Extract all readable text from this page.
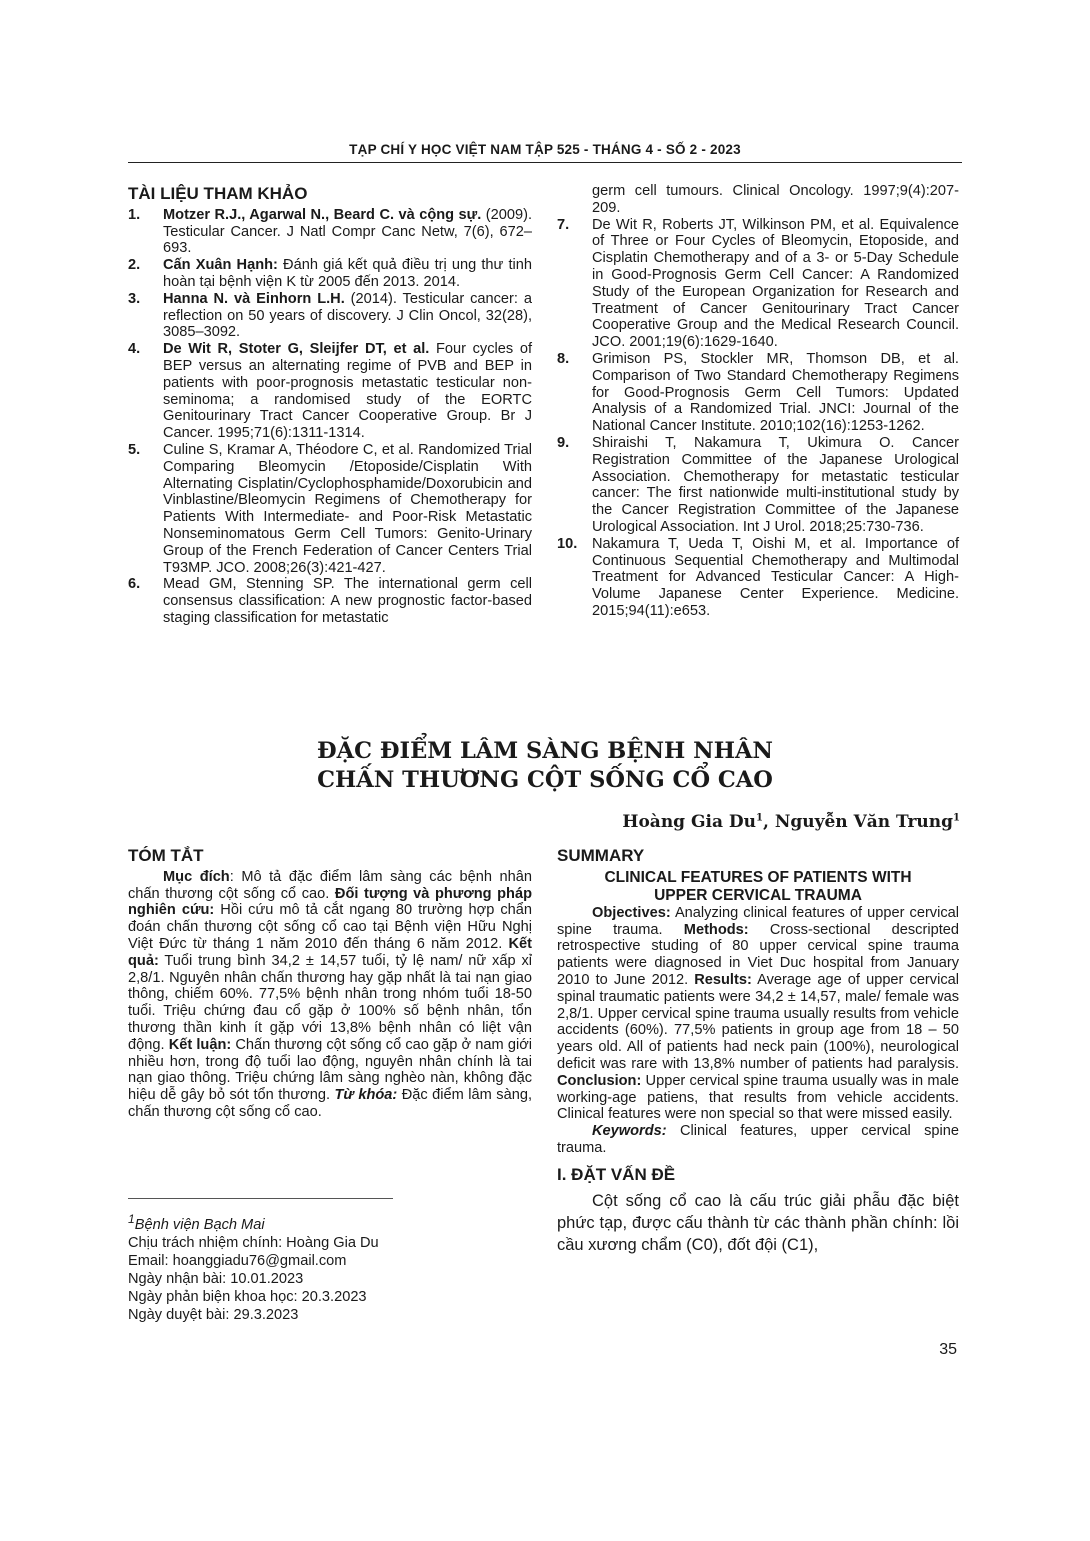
TẠP CHÍ Y HỌC VIỆT NAM TẬP 525 - THÁNG 4 - SỐ 2 - 2023
TÀI LIỆU THAM KHẢO
1.	Motzer R.J., Agarwal N., Beard C. và cộng sự. (2009). Testicular Cancer. J Natl Compr Canc Netw, 7(6), 672–693.
2.	Cấn Xuân Hạnh: Đánh giá kết quả điều trị ung thư tinh hoàn tại bệnh viện K từ 2005 đến 2013. 2014.
3.	Hanna N. và Einhorn L.H. (2014). Testicular cancer: a reflection on 50 years of discovery. J Clin Oncol, 32(28), 3085–3092.
4.	De Wit R, Stoter G, Sleijfer DT, et al. Four cycles of BEP versus an alternating regime of PVB and BEP in patients with poor-prognosis metastatic testicular non-seminoma; a randomised study of the EORTC Genitourinary Tract Cancer Cooperative Group. Br J Cancer. 1995;71(6):1311-1314.
5.	Culine S, Kramar A, Théodore C, et al. Randomized Trial Comparing Bleomycin /Etoposide/Cisplatin With Alternating Cisplatin/Cyclophosphamide/Doxorubicin and Vinblastine/Bleomycin Regimens of Chemotherapy for Patients With Intermediate- and Poor-Risk Metastatic Nonseminomatous Germ Cell Tumors: Genito-Urinary Group of the French Federation of Cancer Centers Trial T93MP. JCO. 2008;26(3):421-427.
6.	Mead GM, Stenning SP. The international germ cell consensus classification: A new prognostic factor-based staging classification for metastatic
germ cell tumours. Clinical Oncology. 1997;9(4):207-209.
7.	De Wit R, Roberts JT, Wilkinson PM, et al. Equivalence of Three or Four Cycles of Bleomycin, Etoposide, and Cisplatin Chemotherapy and of a 3- or 5-Day Schedule in Good-Prognosis Germ Cell Cancer: A Randomized Study of the European Organization for Research and Treatment of Cancer Genitourinary Tract Cancer Cooperative Group and the Medical Research Council. JCO. 2001;19(6):1629-1640.
8.	Grimison PS, Stockler MR, Thomson DB, et al. Comparison of Two Standard Chemotherapy Regimens for Good-Prognosis Germ Cell Tumors: Updated Analysis of a Randomized Trial. JNCI: Journal of the National Cancer Institute. 2010;102(16):1253-1262.
9.	Shiraishi T, Nakamura T, Ukimura O. Cancer Registration Committee of the Japanese Urological Association. Chemotherapy for metastatic testicular cancer: The first nationwide multi-institutional study by the Cancer Registration Committee of the Japanese Urological Association. Int J Urol. 2018;25:730-736.
10.	Nakamura T, Ueda T, Oishi M, et al. Importance of Continuous Sequential Chemotherapy and Multimodal Treatment for Advanced Testicular Cancer: A High-Volume Japanese Center Experience. Medicine. 2015;94(11):e653.
ĐẶC ĐIỂM LÂM SÀNG BỆNH NHÂN
CHẤN THƯƠNG CỘT SỐNG CỔ CAO
Hoàng Gia Du$^1$, Nguyễn Văn Trung$^1$
TÓM TẮT

Mục đích: Mô tả đặc điểm lâm sàng các bệnh nhân chấn thương cột sống cổ cao. Đối tượng và phương pháp nghiên cứu: Hồi cứu mô tả cắt ngang 80 trường hợp chẩn đoán chấn thương cột sống cổ cao tại Bệnh viện Hữu Nghị Việt Đức từ tháng 1 năm 2010 đến tháng 6 năm 2012. Kết quả: Tuổi trung bình 34,2 ± 14,57 tuổi, tỷ lệ nam/ nữ xấp xỉ 2,8/1. Nguyên nhân chấn thương hay gặp nhất là tai nạn giao thông, chiếm 60%. 77,5% bệnh nhân trong nhóm tuổi 18-50 tuổi. Triệu chứng đau cổ gặp ở 100% số bệnh nhân, tổn thương thần kinh ít gặp với 13,8% bệnh nhân có liệt vận động. Kết luận: Chấn thương cột sống cổ cao gặp ở nam giới nhiều hơn, trong độ tuổi lao động, nguyên nhân chính là tai nạn giao thông. Triệu chứng lâm sàng nghèo nàn, không đặc hiệu dễ gây bỏ sót tổn thương. Từ khóa: Đặc điểm lâm sàng, chấn thương cột sống cổ cao.

$^1$Bệnh viện Bạch Mai
Chịu trách nhiệm chính: Hoàng Gia Du
Email: hoanggiadu76@gmail.com
Ngày nhận bài: 10.01.2023
Ngày phản biện khoa học: 20.3.2023
Ngày duyệt bài: 29.3.2023
SUMMARY
CLINICAL FEATURES OF PATIENTS WITH
UPPER CERVICAL TRAUMA

Objectives: Analyzing clinical features of upper cervical spine trauma. Methods: Cross-sectional descripted retrospective studing of 80 upper cervical spine trauma patients were diagnosed in Viet Duc hospital from January 2010 to June 2012. Results: Average age of upper cervical spinal traumatic patients were 34,2 ± 14,57, male/ female was 2,8/1. Upper cervical spine trauma usually results from vehicle accidents (60%). 77,5% patients in group age from 18 – 50 years old. All of patients had neck pain (100%), neurological deficit was rare with 13,8% number of patients had paralysis. Conclusion: Upper cervical spine trauma usually was in male working-age patiens, that results from vehicle accidents. Clinical features were non special so that were missed easily.

Keywords: Clinical features, upper cervical spine trauma.

I. ĐẶT VẤN ĐỀ

Cột sống cổ cao là cấu trúc giải phẫu đặc biệt phức tạp, được cấu thành từ các thành phần chính: lồi cầu xương chẩm (C0), đốt đội (C1),

35
